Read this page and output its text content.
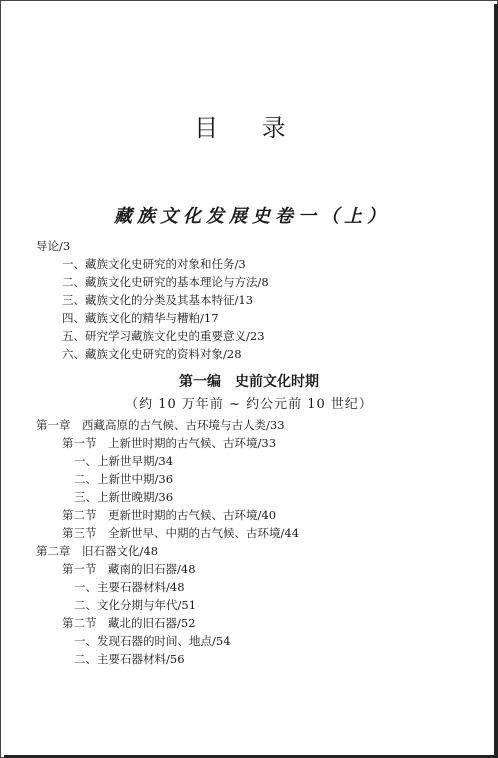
目 录
藏族文化发展史卷一（上）
导论/3
一、藏族文化史研究的对象和任务/3
二、藏族文化史研究的基本理论与方法/8
三、藏族文化的分类及其基本特征/13
四、藏族文化的精华与糟粕/17
五、研究学习藏族文化史的重要意义/23
六、藏族文化史研究的资料对象/28
第一编　史前文化时期
（约 10 万年前 ~ 约公元前 10 世纪）
第一章　西藏高原的古气候、古环境与古人类/33
第一节　上新世时期的古气候、古环境/33
一、上新世早期/34
二、上新世中期/36
三、上新世晚期/36
第二节　更新世时期的古气候、古环境/40
第三节　全新世早、中期的古气候、古环境/44
第二章　旧石器文化/48
第一节　藏南的旧石器/48
一、主要石器材料/48
二、文化分期与年代/51
第二节　藏北的旧石器/52
一、发现石器的时间、地点/54
二、主要石器材料/56
